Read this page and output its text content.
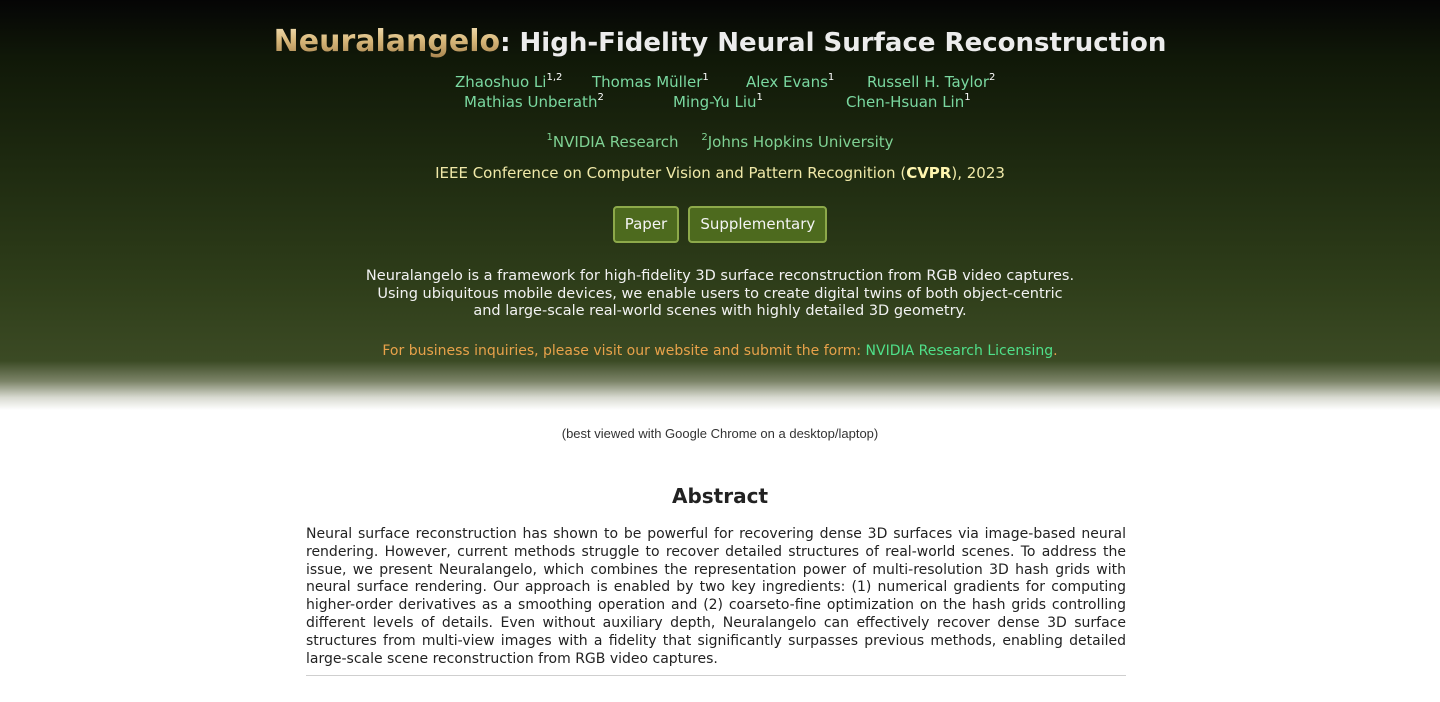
Neuralangelo: High-Fidelity Neural Surface Reconstruction
Zhaoshuo Li$^{1,2}$ Thomas Müller$^1$ Alex Evans$^1$ Russell H. Taylor$^2$
Mathias Unberath$^2$	Ming-Yu Liu$^1$	Chen-Hsuan Lin$^1$
$^1$NVIDIA Research $^2$Johns Hopkins University
IEEE Conference on Computer Vision and Pattern Recognition (CVPR), 2023
Paper Supplementary
Neuralangelo is a framework for high-fidelity 3D surface reconstruction from RGB video captures.
Using ubiquitous mobile devices, we enable users to create digital twins of both object-centric
and large-scale real-world scenes with highly detailed 3D geometry.
For business inquiries, please visit our website and submit the form: NVIDIA Research Licensing.
(best viewed with Google Chrome on a desktop/laptop)
Abstract

Neural surface reconstruction has shown to be powerful for recovering dense 3D surfaces via image-based neural rendering. However, current methods struggle to recover detailed structures of real-world scenes. To address the issue, we present Neuralangelo, which combines the representation power of multi-resolution 3D hash grids with neural surface rendering. Our approach is enabled by two key ingredients: (1) numerical gradients for computing higher-order derivatives as a smoothing operation and (2) coarseto-fine optimization on the hash grids controlling different levels of details. Even without auxiliary depth, Neuralangelo can effectively recover dense 3D surface structures from multi-view images with a fidelity that significantly surpasses previous methods, enabling detailed large-scale scene reconstruction from RGB video captures.
